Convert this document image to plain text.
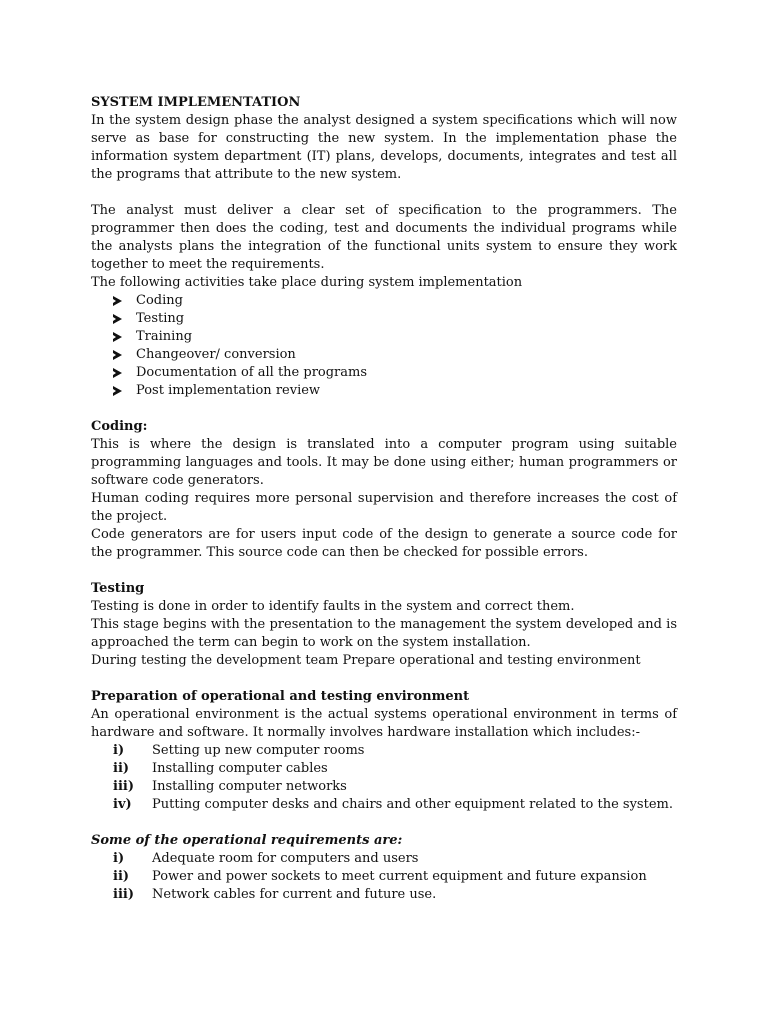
SYSTEM IMPLEMENTATION

In the system design phase the analyst designed a system specifications which will now serve as base for constructing the new system. In the implementation phase the information system department (IT) plans, develops, documents, integrates and test all the programs that attribute to the new system.

The analyst must deliver a clear set of specification to the programmers. The programmer then does the coding, test and documents the individual programs while the analysts plans the integration of the functional units system to ensure they work together to meet the requirements.

The following activities take place during system implementation

Coding
Testing
Training
Changeover/ conversion
Documentation of all the programs
Post implementation review

Coding:

This is where the design is translated into a computer program using suitable programming languages and tools. It may be done using either; human programmers or software code generators.

Human coding requires more personal supervision and therefore increases the cost of the project.

Code generators are for users input code of the design to generate a source code for the programmer. This source code can then be checked for possible errors.

Testing

Testing is done in order to identify faults in the system and correct them.

This stage begins with the presentation to the management the system developed and is approached the term can begin to work on the system installation.

During testing the development team Prepare operational and testing environment

Preparation of operational and testing environment

An operational environment is the actual systems operational environment in terms of hardware and software. It normally involves hardware installation which includes:-

i) Setting up new computer rooms
ii) Installing computer cables
iii) Installing computer networks
iv) Putting computer desks and chairs and other equipment related to the system.

Some of the operational requirements are:

i) Adequate room for computers and users
ii) Power and power sockets to meet current equipment and future expansion
iii) Network cables for current and future use.
